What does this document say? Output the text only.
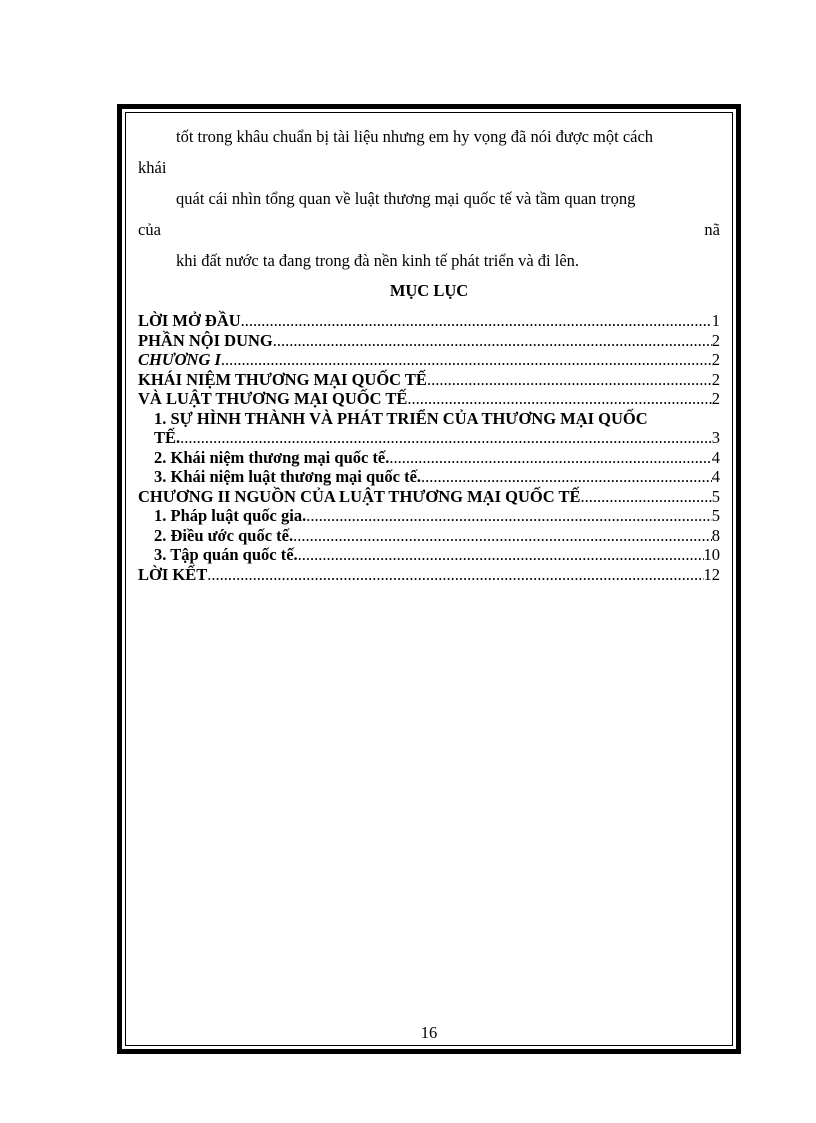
tốt trong khâu chuẩn bị tài liệu nhưng em hy vọng đã nói được một cách
khái
quát cái nhìn tổng quan về luật thương mại quốc tế và tầm quan trọng
của	nã
khi đất nước ta đang trong đà nền kinh tế phát triển và đi lên.
MỤC LỤC
LỜI MỞ ĐẦU .....	1
PHẦN NỘI DUNG .....	2
CHƯƠNG I .....	2
KHÁI NIỆM THƯƠNG MẠI QUỐC TẾ .....	2
VÀ LUẬT THƯƠNG MẠI QUỐC TẾ .....	2
1. SỰ HÌNH THÀNH VÀ PHÁT TRIỂN CỦA THƯƠNG MẠI QUỐC
TẾ. .....	3
2. Khái niệm thương mại quốc tế. .....	4
3. Khái niệm luật thương mại quốc tế. .....	4
CHƯƠNG II NGUỒN CỦA LUẬT THƯƠNG MẠI QUỐC TẾ .....	5
1. Pháp luật quốc gia. .....	5
2. Điều ước quốc tế. .....	8
3. Tập quán quốc tế. .....	10
LỜI KẾT .....	12
16
